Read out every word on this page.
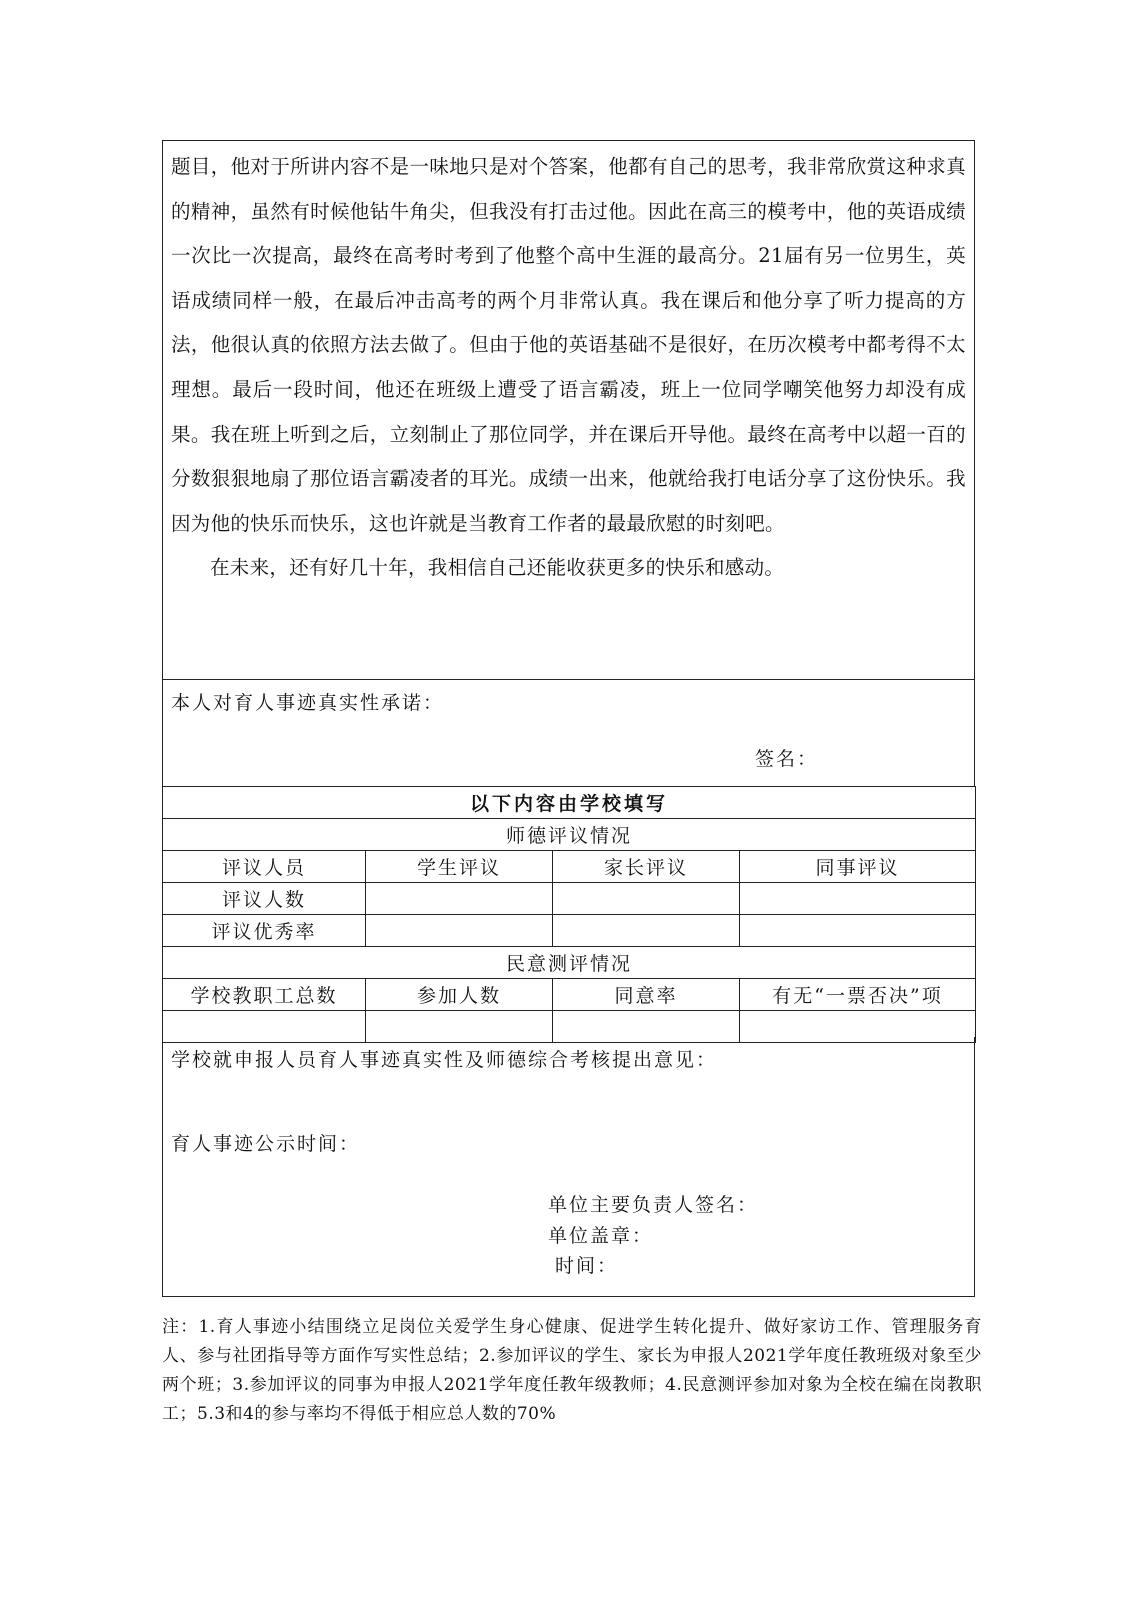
题目，他对于所讲内容不是一味地只是对个答案，他都有自己的思考，我非常欣赏这种求真的精神，虽然有时候他钻牛角尖，但我没有打击过他。因此在高三的模考中，他的英语成绩一次比一次提高，最终在高考时考到了他整个高中生涯的最高分。21届有另一位男生，英语成绩同样一般，在最后冲击高考的两个月非常认真。我在课后和他分享了听力提高的方法，他很认真的依照方法去做了。但由于他的英语基础不是很好，在历次模考中都考得不太理想。最后一段时间，他还在班级上遭受了语言霸凌，班上一位同学嘲笑他努力却没有成果。我在班上听到之后，立刻制止了那位同学，并在课后开导他。最终在高考中以超一百的分数狠狠地扇了那位语言霸凌者的耳光。成绩一出来，他就给我打电话分享了这份快乐。我因为他的快乐而快乐，这也许就是当教育工作者的最最欣慰的时刻吧。

在未来，还有好几十年，我相信自己还能收获更多的快乐和感动。

本人对育人事迹真实性承诺：
签名：
以下内容由学校填写			
师德评议情况			
评议人员	学生评议	家长评议	同事评议
评议人数			
评议优秀率			
民意测评情况			
学校教职工总数	参加人数	同意率	有无“一票否决”项

学校就申报人员育人事迹真实性及师德综合考核提出意见：
育人事迹公示时间：
单位主要负责人签名：
单位盖章：
时间：

注：1.育人事迹小结围绕立足岗位关爱学生身心健康、促进学生转化提升、做好家访工作、管理服务育人、参与社团指导等方面作写实性总结；2.参加评议的学生、家长为申报人2021学年度任教班级对象至少两个班；3.参加评议的同事为申报人2021学年度任教年级教师；4.民意测评参加对象为全校在编在岗教职工；5.3和4的参与率均不得低于相应总人数的70%
